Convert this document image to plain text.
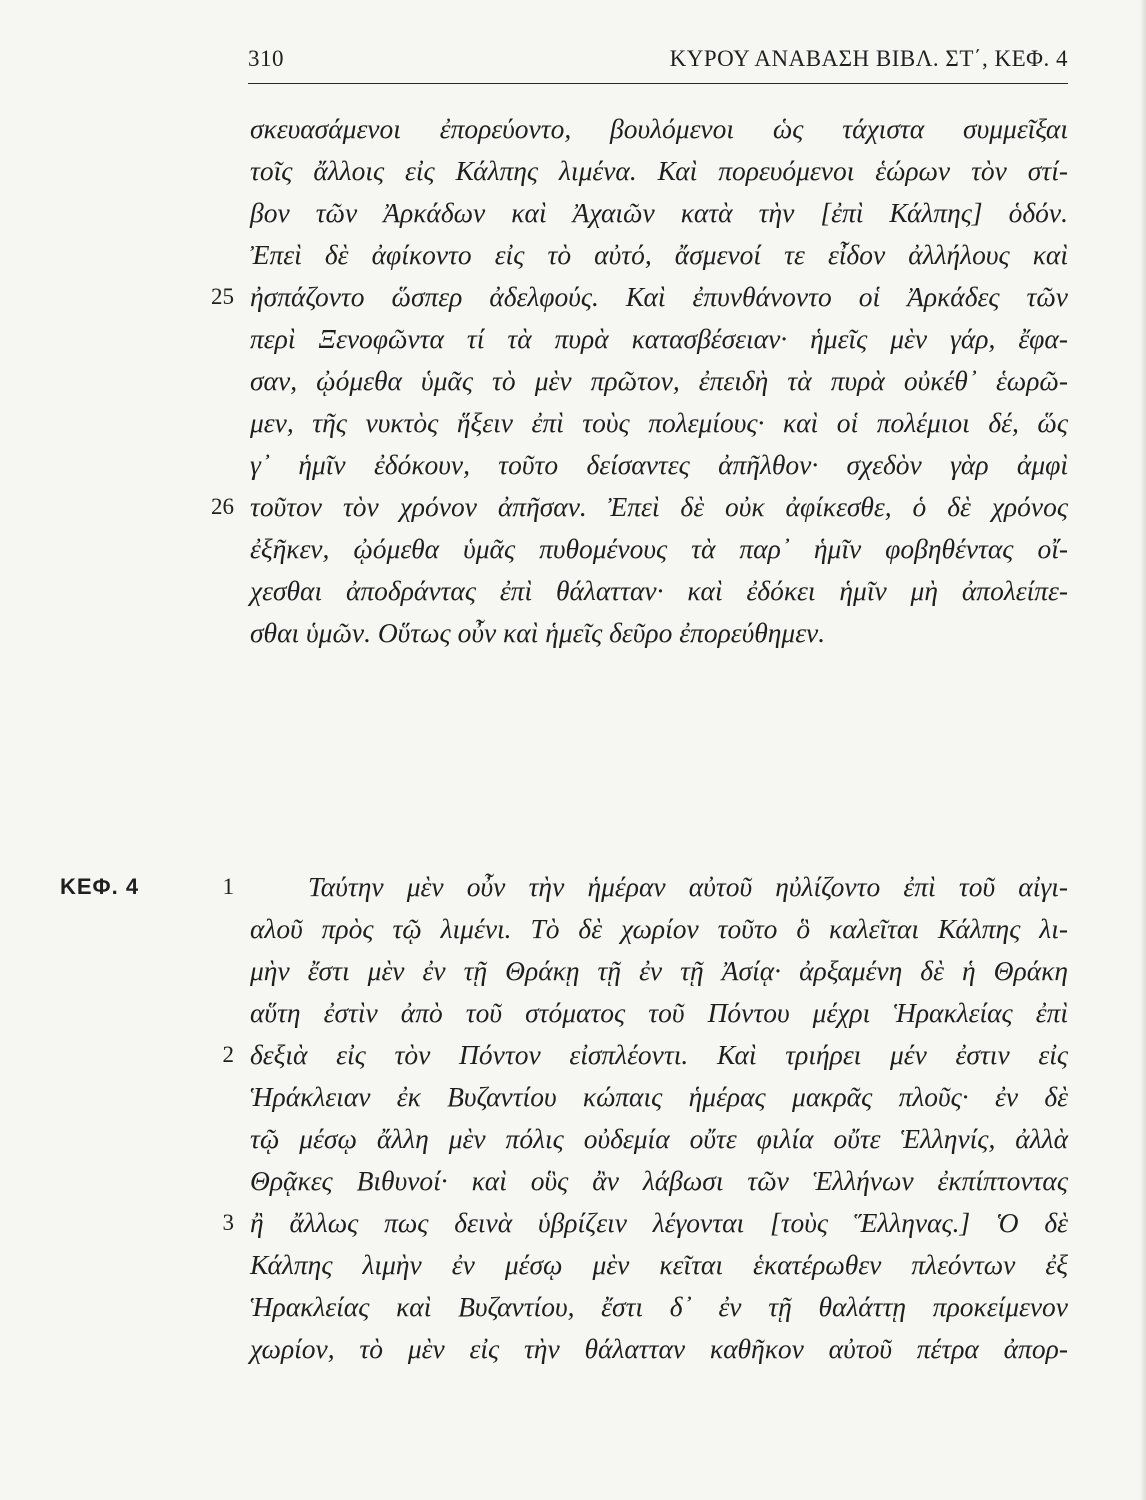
310	ΚΥΡΟΥ ΑΝΑΒΑΣΗ ΒΙΒΛ. ΣΤ΄, ΚΕΦ. 4
σκευασάμενοι ἐπορεύοντο, βουλόμενοι ὡς τάχιστα συμμεῖξαι
τοῖς ἄλλοις εἰς Κάλπης λιμένα. Καὶ πορευόμενοι ἑώρων τὸν στί-
βον τῶν Ἀρκάδων καὶ Ἀχαιῶν κατὰ τὴν [ἐπὶ Κάλπης] ὁδόν.
Ἐπεὶ δὲ ἀφίκοντο εἰς τὸ αὐτό, ἄσμενοί τε εἶδον ἀλλήλους καὶ
ἠσπάζοντο ὥσπερ ἀδελφούς. Καὶ ἐπυνθάνοντο οἱ Ἀρκάδες τῶν
περὶ Ξενοφῶντα τί τὰ πυρὰ κατασβέσειαν· ἡμεῖς μὲν γάρ, ἔφα-
σαν, ᾠόμεθα ὑμᾶς τὸ μὲν πρῶτον, ἐπειδὴ τὰ πυρὰ οὐκέθ᾽ ἑωρῶ-
μεν, τῆς νυκτὸς ἥξειν ἐπὶ τοὺς πολεμίους· καὶ οἱ πολέμιοι δέ, ὥς
γ᾽ ἡμῖν ἐδόκουν, τοῦτο δείσαντες ἀπῆλθον· σχεδὸν γὰρ ἀμφὶ
τοῦτον τὸν χρόνον ἀπῆσαν. Ἐπεὶ δὲ οὐκ ἀφίκεσθε, ὁ δὲ χρόνος
ἐξῆκεν, ᾠόμεθα ὑμᾶς πυθομένους τὰ παρ᾽ ἡμῖν φοβηθέντας οἴ-
χεσθαι ἀποδράντας ἐπὶ θάλατταν· καὶ ἐδόκει ἡμῖν μὴ ἀπολείπε-
σθαι ὑμῶν. Οὕτως οὖν καὶ ἡμεῖς δεῦρο ἐπορεύθημεν.
25
26
ΚΕΦ. 4	Ταύτην μὲν οὖν τὴν ἡμέραν αὐτοῦ ηὐλίζοντο ἐπὶ τοῦ αἰγι-
αλοῦ πρὸς τῷ λιμένι. Τὸ δὲ χωρίον τοῦτο ὃ καλεῖται Κάλπης λι-
μὴν ἔστι μὲν ἐν τῇ Θράκῃ τῇ ἐν τῇ Ἀσίᾳ· ἀρξαμένη δὲ ἡ Θράκη
αὕτη ἐστὶν ἀπὸ τοῦ στόματος τοῦ Πόντου μέχρι Ἡρακλείας ἐπὶ
δεξιὰ εἰς τὸν Πόντον εἰσπλέοντι. Καὶ τριήρει μέν ἐστιν εἰς
Ἡράκλειαν ἐκ Βυζαντίου κώπαις ἡμέρας μακρᾶς πλοῦς· ἐν δὲ
τῷ μέσῳ ἄλλη μὲν πόλις οὐδεμία οὔτε φιλία οὔτε Ἑλληνίς, ἀλλὰ
Θρᾷκες Βιθυνοί· καὶ οὓς ἂν λάβωσι τῶν Ἑλλήνων ἐκπίπτοντας
ἢ ἄλλως πως δεινὰ ὑβρίζειν λέγονται [τοὺς Ἕλληνας.] Ὁ δὲ
Κάλπης λιμὴν ἐν μέσῳ μὲν κεῖται ἑκατέρωθεν πλεόντων ἐξ
Ἡρακλείας καὶ Βυζαντίου, ἔστι δ᾽ ἐν τῇ θαλάττῃ προκείμενον
χωρίον, τὸ μὲν εἰς τὴν θάλατταν καθῆκον αὐτοῦ πέτρα ἀπορ-
1
2
3
